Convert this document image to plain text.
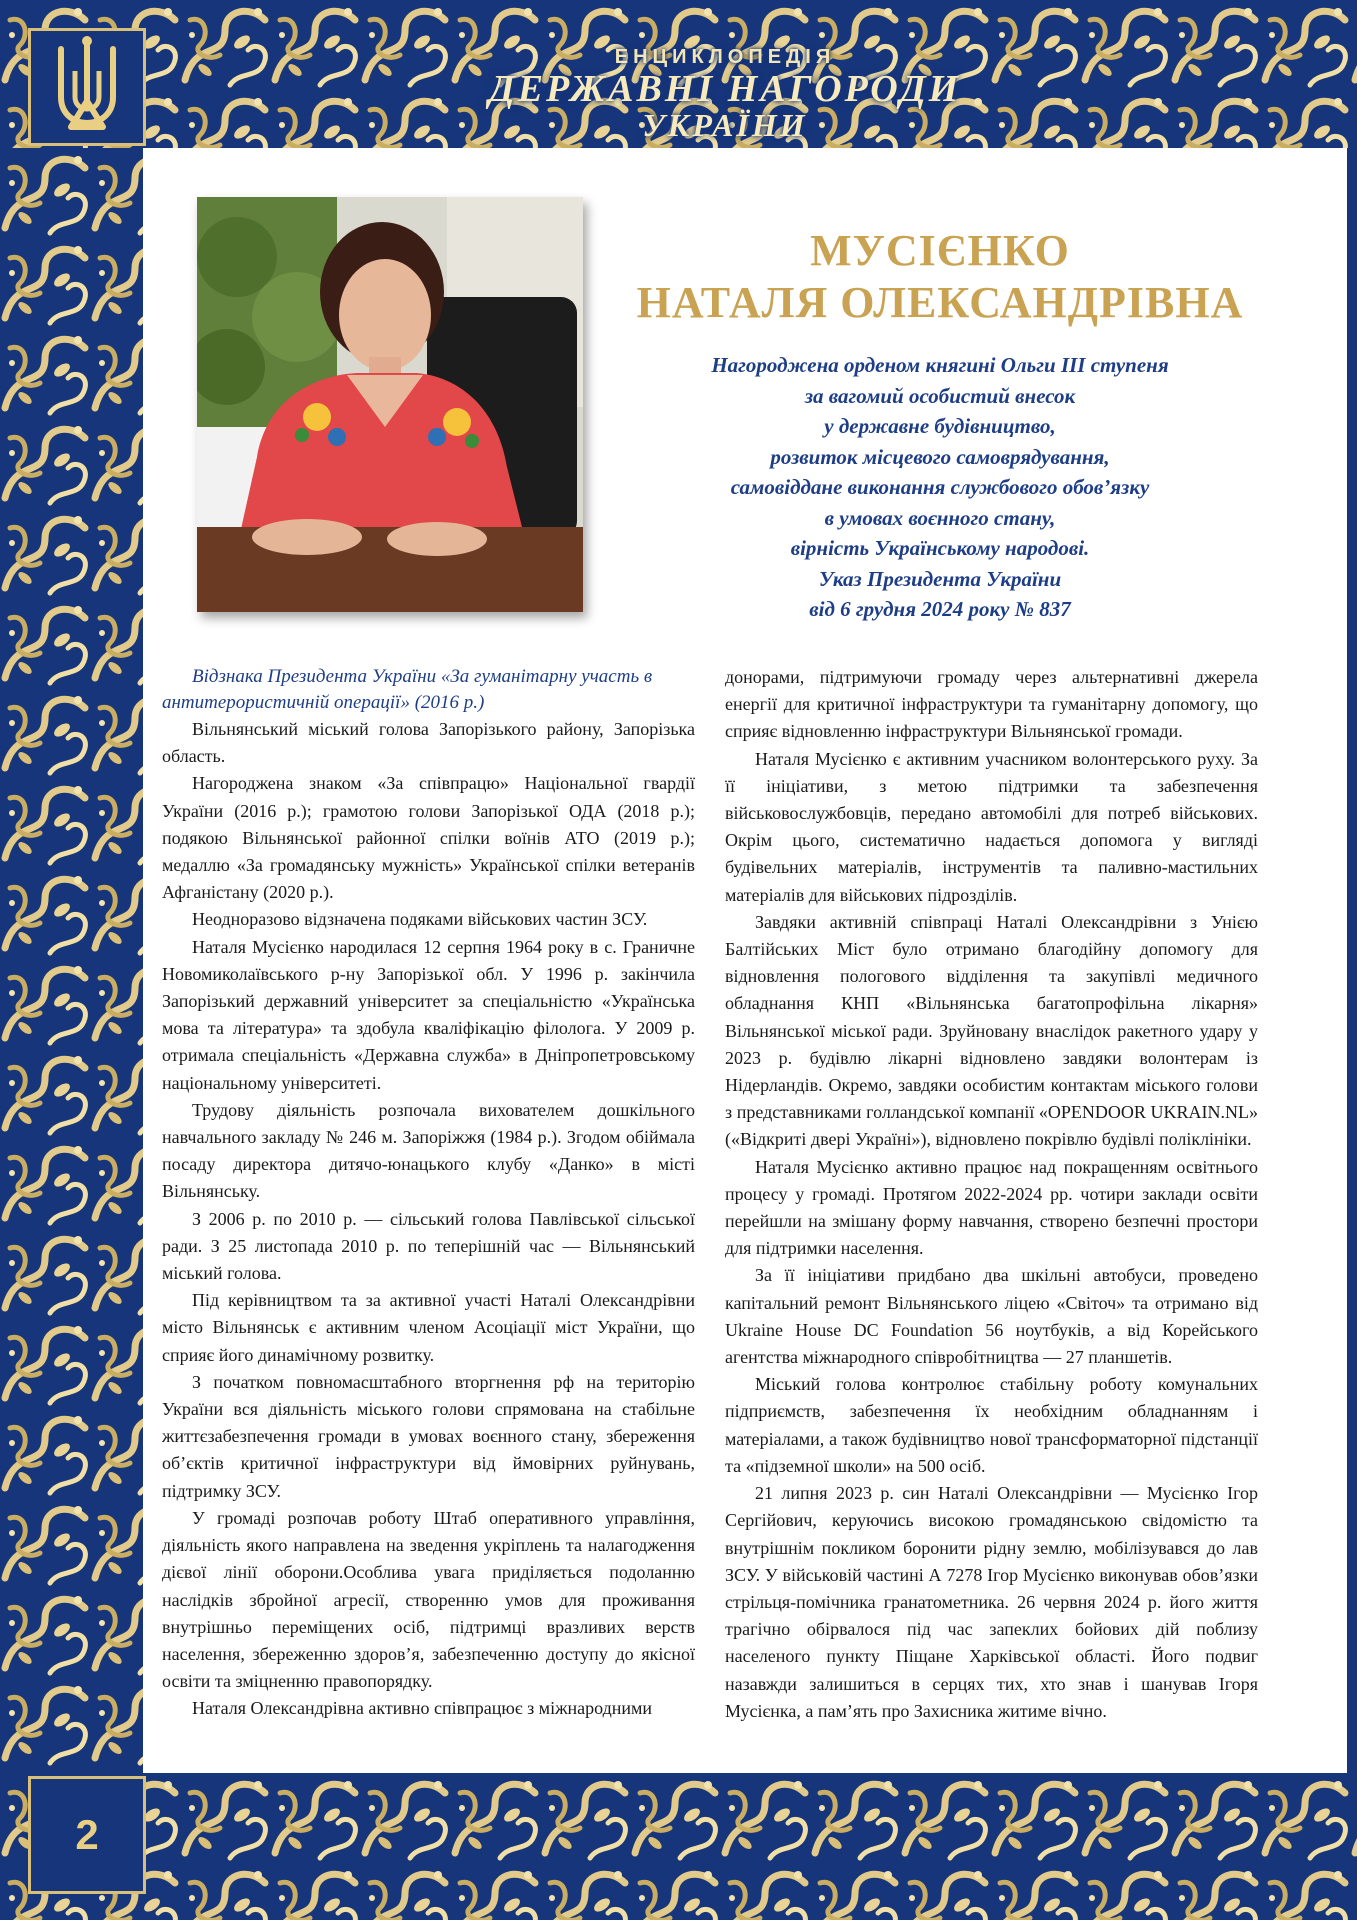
ЕНЦИКЛОПЕДІЯ
ДЕРЖАВНІ НАГОРОДИ
УКРАЇНИ
2
МУСІЄНКО
НАТАЛЯ ОЛЕКСАНДРІВНА
Нагороджена орденом княгині Ольги ІІІ ступеня
за вагомий особистий внесок
у державне будівництво,
розвиток місцевого самоврядування,
самовіддане виконання службового обов’язку
в умовах воєнного стану,
вірність Українському народові.
Указ Президента України
від 6 грудня 2024 року № 837

Відзнака Президента України «За гуманітарну участь в антитерористичній операції» (2016 р.)

Вільнянський міський голова Запорізького району, Запорізька область.

Нагороджена знаком «За співпрацю» Національної гвардії України (2016 р.); грамотою голови Запорізької ОДА (2018 р.); подякою Вільнянської районної спілки воїнів АТО (2019 р.); медаллю «За громадянську мужність» Української спілки ветеранів Афганістану (2020 р.).

Неодноразово відзначена подяками військових частин ЗСУ.

Наталя Мусієнко народилася 12 серпня 1964 року в с. Граничне Новомиколаївського р-ну Запорізької обл. У 1996 р. закінчила Запорізький державний університет за спеціальністю «Українська мова та література» та здобула кваліфікацію філолога. У 2009 р. отримала спеціальність «Державна служба» в Дніпропетровському національному університеті.

Трудову діяльність розпочала вихователем дошкільного навчального закладу № 246 м. Запоріжжя (1984 р.). Згодом обіймала посаду директора дитячо-юнацького клубу «Данко» в місті Вільнянську.

З 2006 р. по 2010 р. — сільський голова Павлівської сільської ради. З 25 листопада 2010 р. по теперішній час — Вільнянський міський голова.

Під керівництвом та за активної участі Наталі Олександрівни місто Вільнянськ є активним членом Асоціації міст України, що сприяє його динамічному розвитку.

З початком повномасштабного вторгнення рф на територію України вся діяльність міського голови спрямована на стабільне життєзабезпечення громади в умовах воєнного стану, збереження об’єктів критичної інфраструктури від ймовірних руйнувань, підтримку ЗСУ.

У громаді розпочав роботу Штаб оперативного управління, діяльність якого направлена на зведення укріплень та налагодження дієвої лінії оборони.Особлива увага приділяється подоланню наслідків збройної агресії, створенню умов для проживання внутрішньо переміщених осіб, підтримці вразливих верств населення, збереженню здоров’я, забезпеченню доступу до якісної освіти та зміцненню правопорядку.

Наталя Олександрівна активно співпрацює з міжнародними

донорами, підтримуючи громаду через альтернативні джерела енергії для критичної інфраструктури та гуманітарну допомогу, що сприяє відновленню інфраструктури Вільнянської громади.

Наталя Мусієнко є активним учасником волонтерського руху. За її ініціативи, з метою підтримки та забезпечення військовослужбовців, передано автомобілі для потреб військових. Окрім цього, систематично надається допомога у вигляді будівельних матеріалів, інструментів та паливно-мастильних матеріалів для військових підрозділів.

Завдяки активній співпраці Наталі Олександрівни з Унією Балтійських Міст було отримано благодійну допомогу для відновлення пологового відділення та закупівлі медичного обладнання КНП «Вільнянська багатопрофільна лікарня» Вільнянської міської ради. Зруйновану внаслідок ракетного удару у 2023 р. будівлю лікарні відновлено завдяки волонтерам із Нідерландів. Окремо, завдяки особистим контактам міського голови з представниками голландської компанії «OPENDOOR UKRAIN.NL» («Відкриті двері Україні»), відновлено покрівлю будівлі поліклініки.

Наталя Мусієнко активно працює над покращенням освітнього процесу у громаді. Протягом 2022-2024 рр. чотири заклади освіти перейшли на змішану форму навчання, створено безпечні простори для підтримки населення.

За її ініціативи придбано два шкільні автобуси, проведено капітальний ремонт Вільнянського ліцею «Світоч» та отримано від Ukraine House DC Foundation 56 ноутбуків, а від Корейського агентства міжнародного співробітництва — 27 планшетів.

Міський голова контролює стабільну роботу комунальних підприємств, забезпечення їх необхідним обладнанням і матеріалами, а також будівництво нової трансформаторної підстанції та «підземної школи» на 500 осіб.

21 липня 2023 р. син Наталі Олександрівни — Мусієнко Ігор Сергійович, керуючись високою громадянською свідомістю та внутрішнім покликом боронити рідну землю, мобілізувався до лав ЗСУ. У військовій частині А 7278 Ігор Мусієнко виконував обов’язки стрільця-помічника гранатометника. 26 червня 2024 р. його життя трагічно обірвалося під час запеклих бойових дій поблизу населеного пункту Піщане Харківської області. Його подвиг назавжди залишиться в серцях тих, хто знав і шанував Ігоря Мусієнка, а пам’ять про Захисника житиме вічно.
